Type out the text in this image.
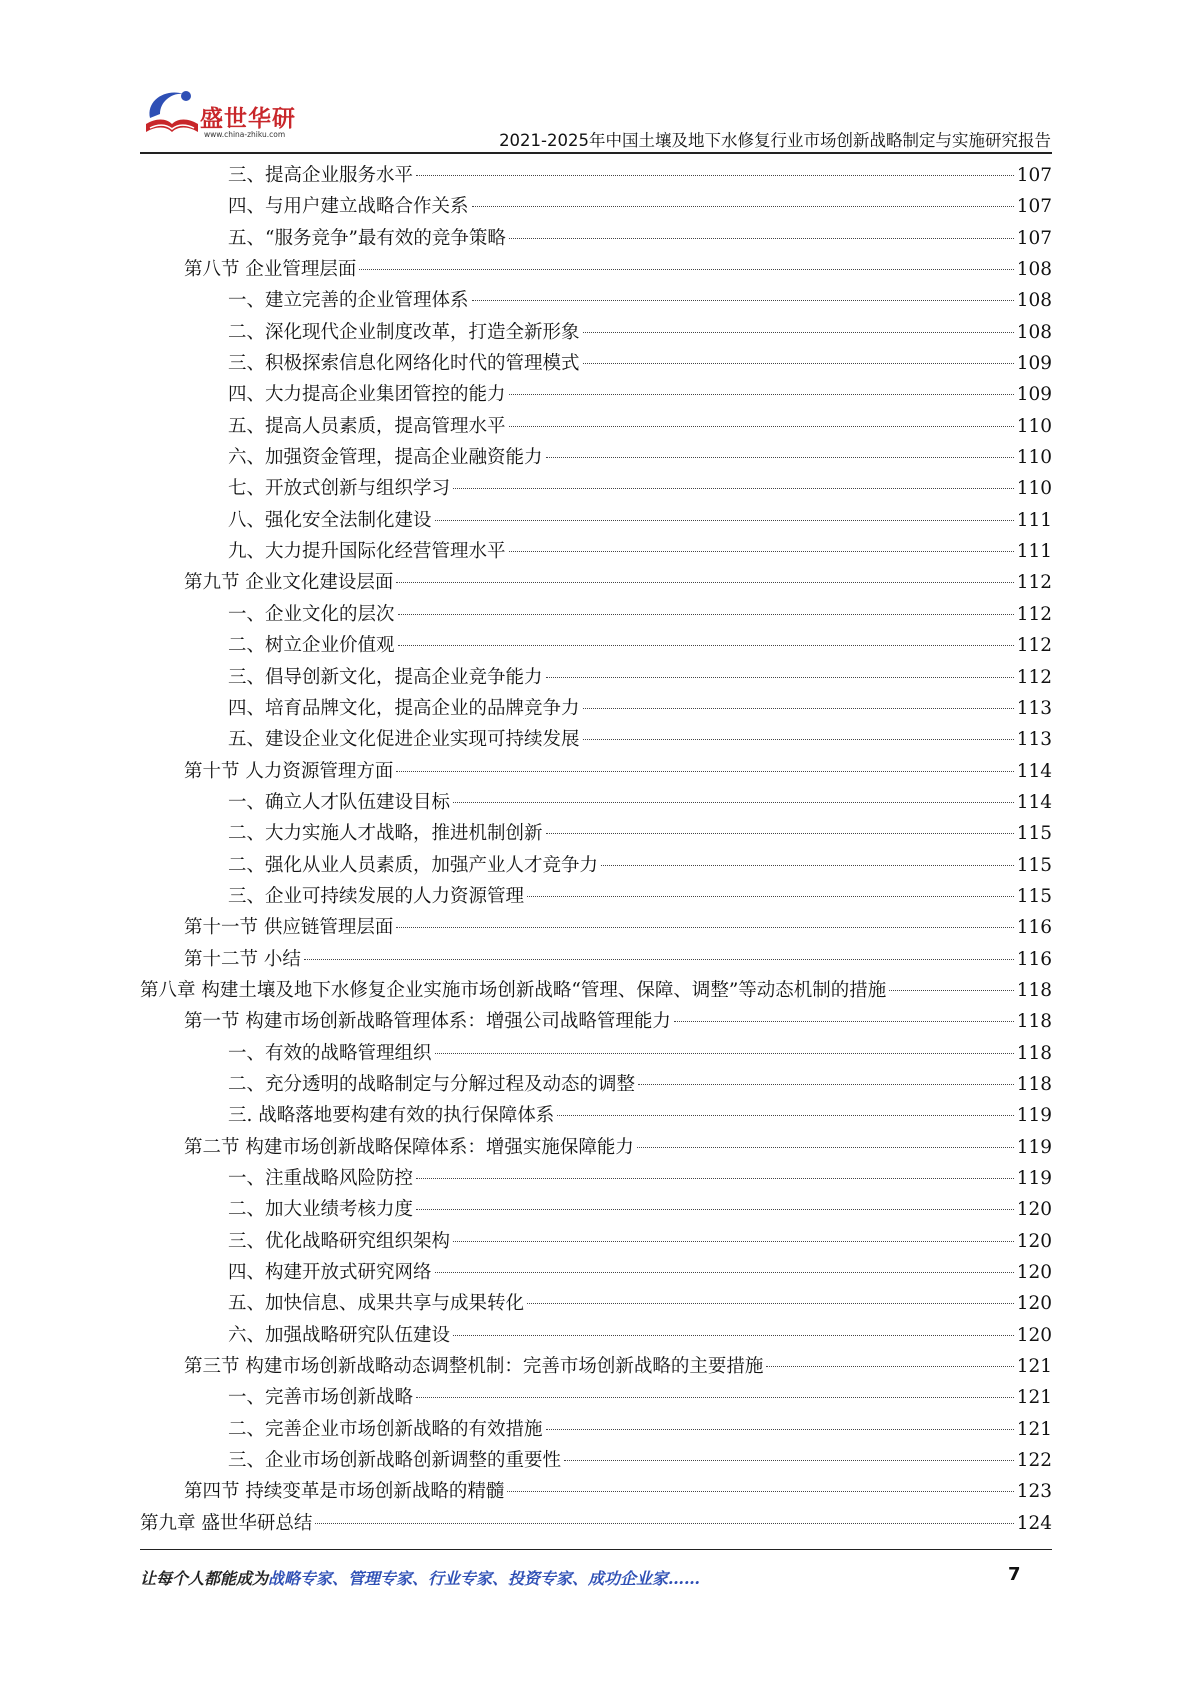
盛世华研
www.china-zhiku.com	2021-2025年中国土壤及地下水修复行业市场创新战略制定与实施研究报告
三、提高企业服务水平	107
四、与用户建立战略合作关系	107
五、“服务竞争”最有效的竞争策略	107
第八节 企业管理层面	108
一、建立完善的企业管理体系	108
二、深化现代企业制度改革，打造全新形象	108
三、积极探索信息化网络化时代的管理模式	109
四、大力提高企业集团管控的能力	109
五、提高人员素质，提高管理水平	110
六、加强资金管理，提高企业融资能力	110
七、开放式创新与组织学习	110
八、强化安全法制化建设	111
九、大力提升国际化经营管理水平	111
第九节 企业文化建设层面	112
一、企业文化的层次	112
二、树立企业价值观	112
三、倡导创新文化，提高企业竞争能力	112
四、培育品牌文化，提高企业的品牌竞争力	113
五、建设企业文化促进企业实现可持续发展	113
第十节 人力资源管理方面	114
一、确立人才队伍建设目标	114
二、大力实施人才战略，推进机制创新	115
二、强化从业人员素质，加强产业人才竞争力	115
三、企业可持续发展的人力资源管理	115
第十一节 供应链管理层面	116
第十二节 小结	116
第八章 构建土壤及地下水修复企业实施市场创新战略“管理、保障、调整”等动态机制的措施	118
第一节 构建市场创新战略管理体系：增强公司战略管理能力	118
一、有效的战略管理组织	118
二、充分透明的战略制定与分解过程及动态的调整	118
三. 战略落地要构建有效的执行保障体系	119
第二节 构建市场创新战略保障体系：增强实施保障能力	119
一、注重战略风险防控	119
二、加大业绩考核力度	120
三、优化战略研究组织架构	120
四、构建开放式研究网络	120
五、加快信息、成果共享与成果转化	120
六、加强战略研究队伍建设	120
第三节 构建市场创新战略动态调整机制：完善市场创新战略的主要措施	121
一、完善市场创新战略	121
二、完善企业市场创新战略的有效措施	121
三、企业市场创新战略创新调整的重要性	122
第四节 持续变革是市场创新战略的精髓	123
第九章 盛世华研总结	124
让每个人都能成为战略专家、管理专家、行业专家、投资专家、成功企业家……	7
